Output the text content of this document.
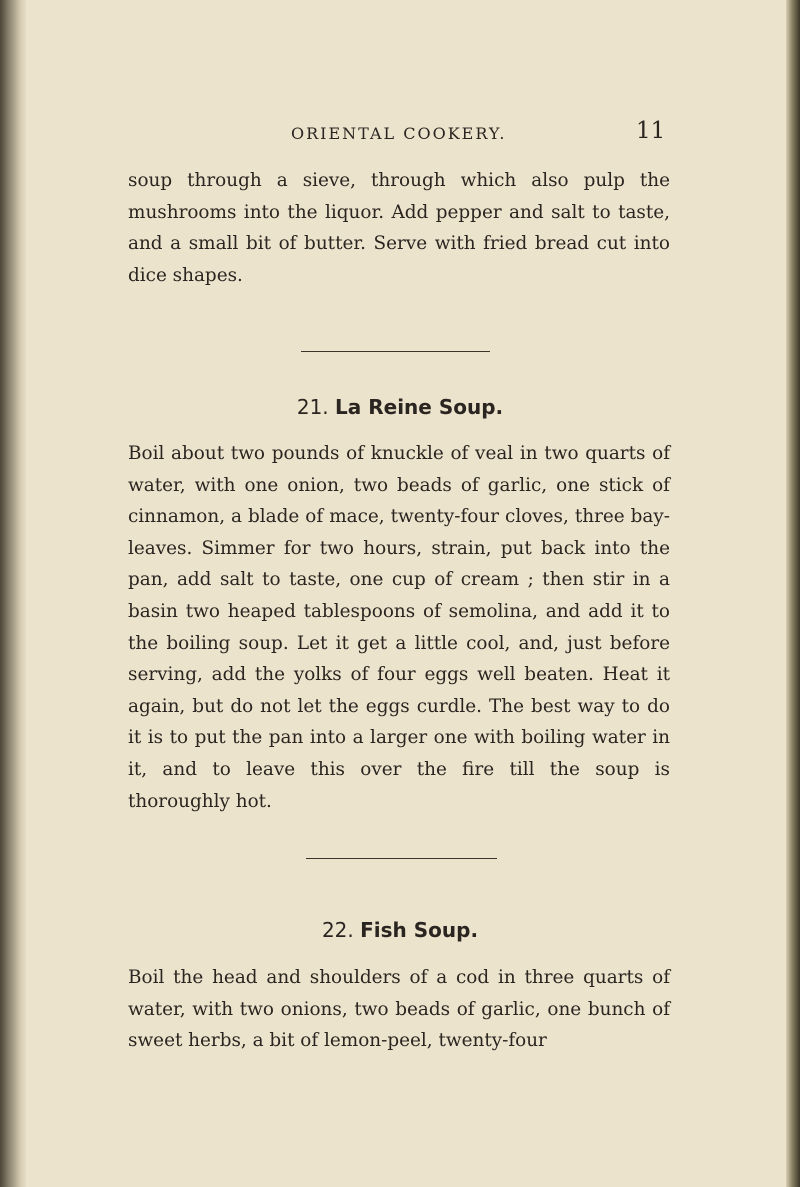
ORIENTAL COOKERY.	11

soup through a sieve, through which also pulp the mushrooms into the liquor. Add pepper and salt to taste, and a small bit of butter. Serve with fried bread cut into dice shapes.

21. La Reine Soup.

Boil about two pounds of knuckle of veal in two quarts of water, with one onion, two beads of garlic, one stick of cinnamon, a blade of mace, twenty-four cloves, three bay-leaves. Simmer for two hours, strain, put back into the pan, add salt to taste, one cup of cream ; then stir in a basin two heaped tablespoons of semolina, and add it to the boiling soup. Let it get a little cool, and, just before serving, add the yolks of four eggs well beaten. Heat it again, but do not let the eggs curdle. The best way to do it is to put the pan into a larger one with boiling water in it, and to leave this over the fire till the soup is thoroughly hot.

22. Fish Soup.

Boil the head and shoulders of a cod in three quarts of water, with two onions, two beads of garlic, one bunch of sweet herbs, a bit of lemon-peel, twenty-four
